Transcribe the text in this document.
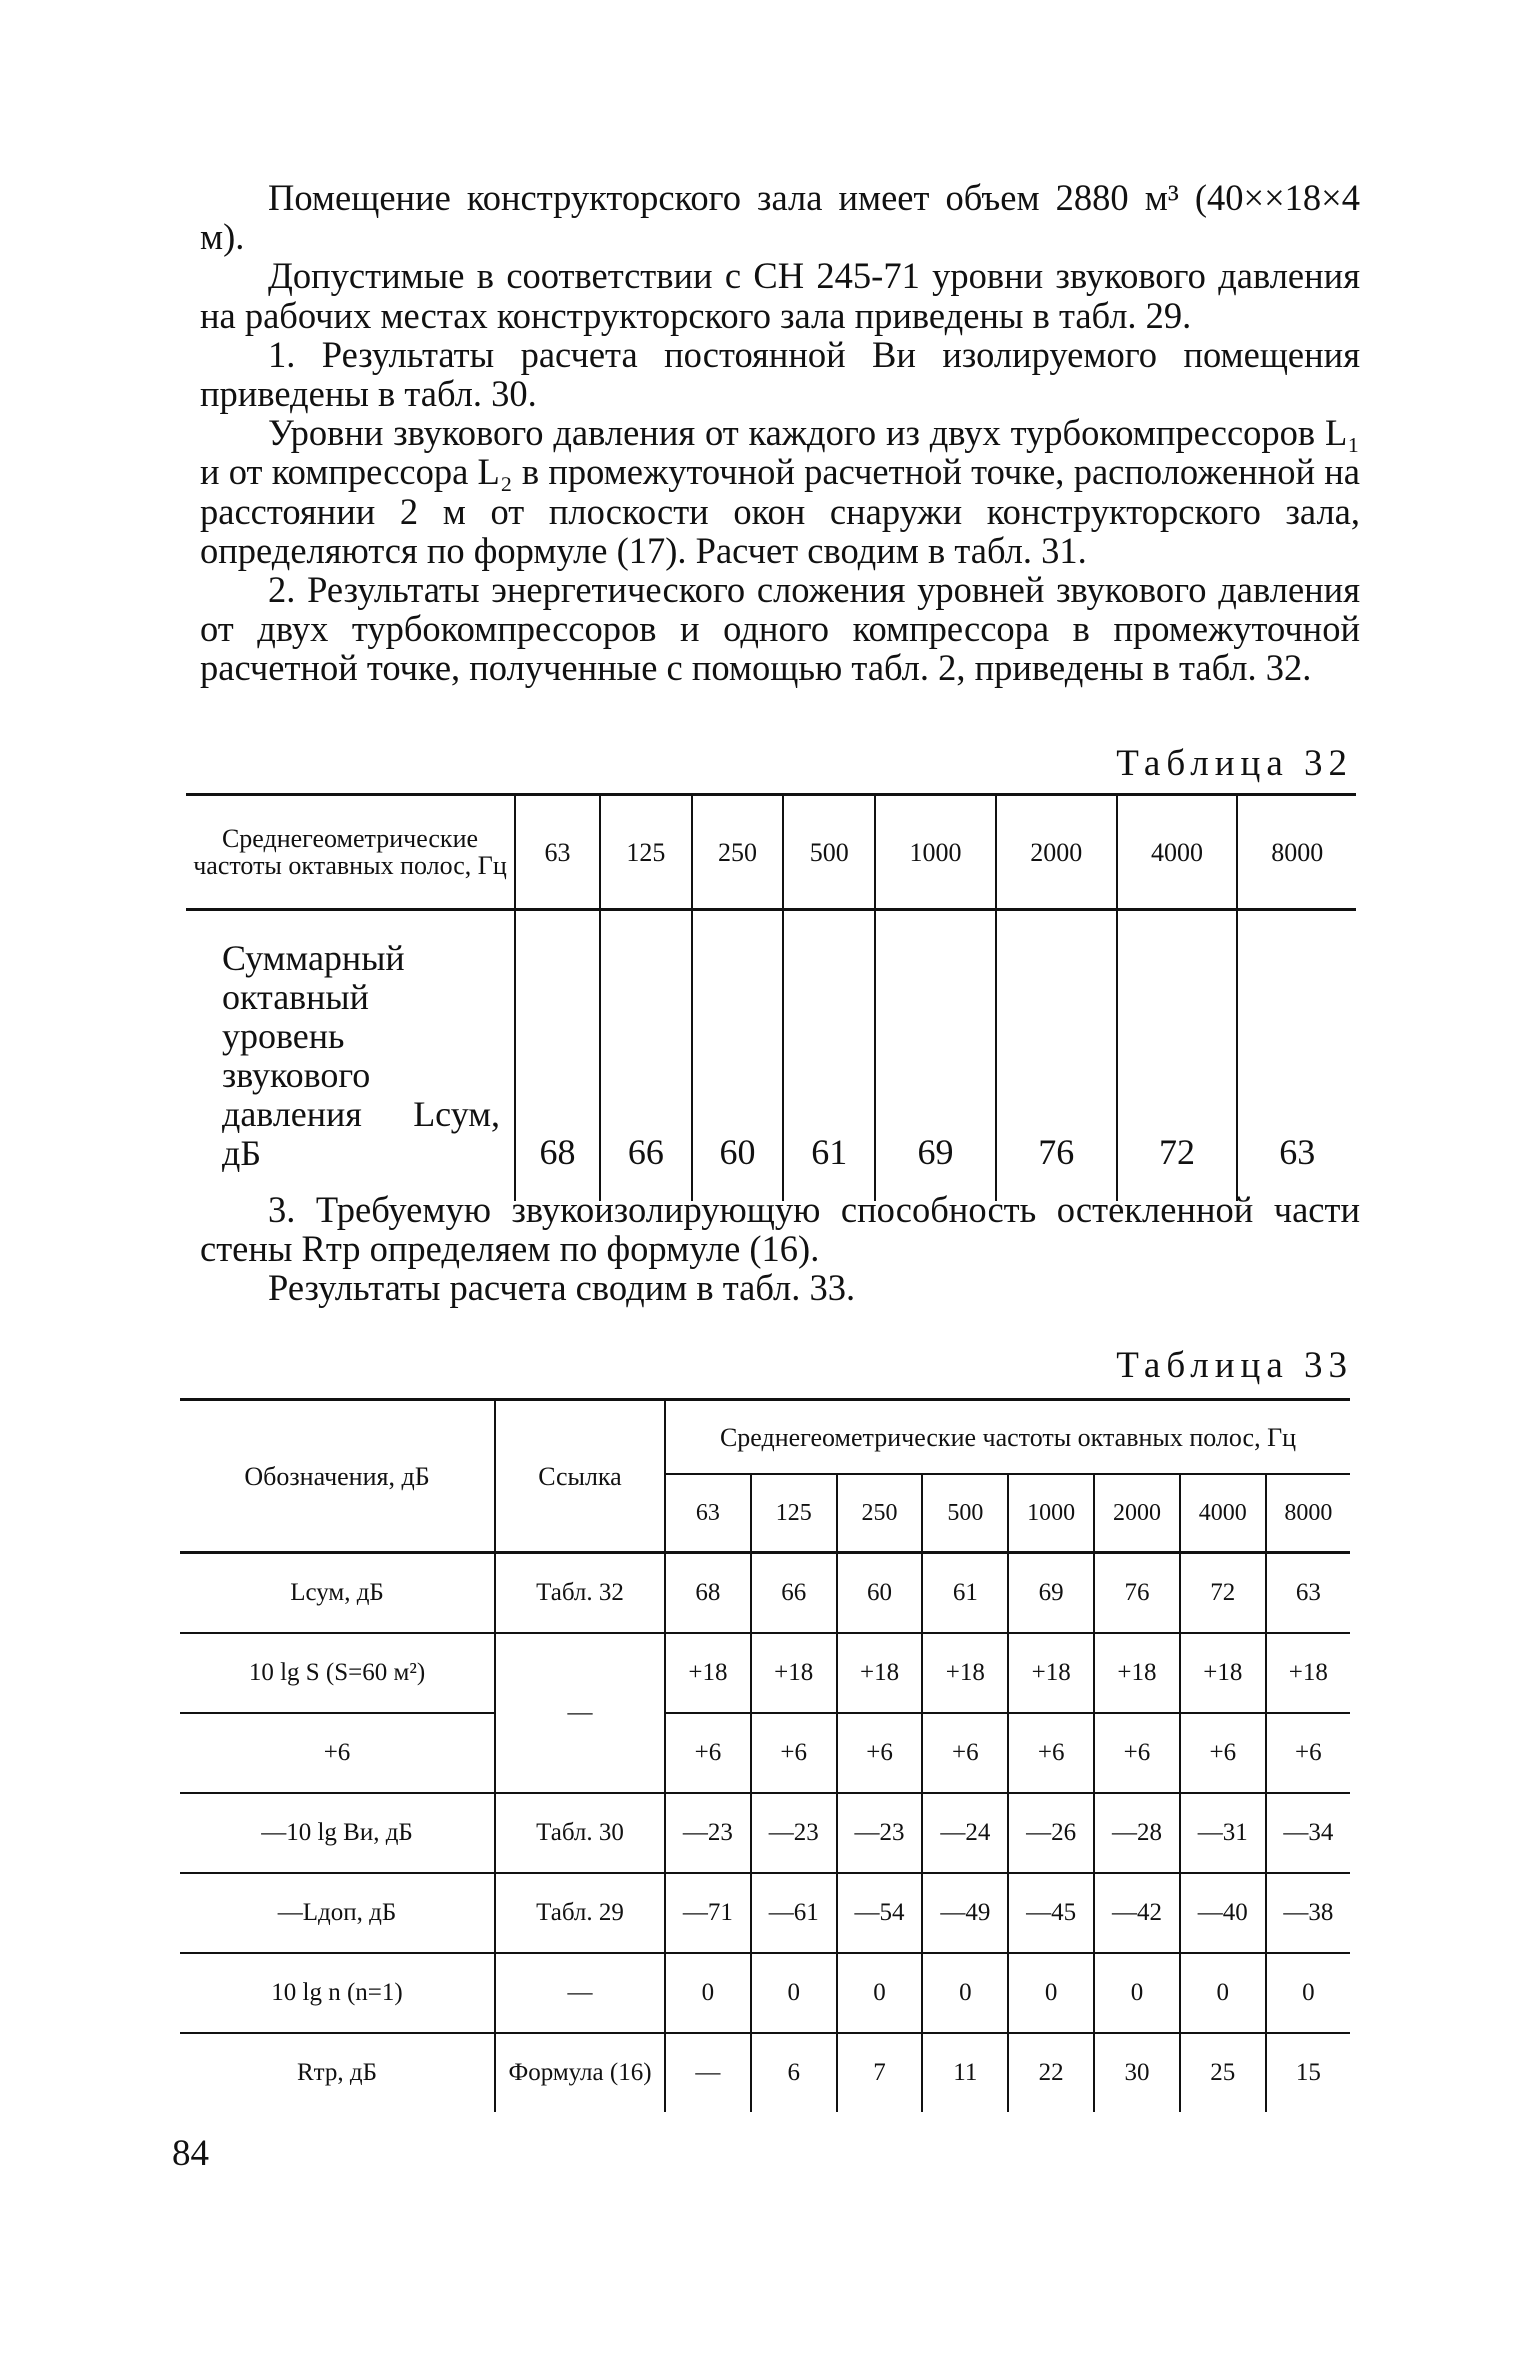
Помещение конструкторского зала имеет объем 2880 м³ (40××18×4 м).

Допустимые в соответствии с СН 245-71 уровни звукового давления на рабочих местах конструкторского зала приведены в табл. 29.

1. Результаты расчета постоянной Bи изолируемого помещения приведены в табл. 30.

Уровни звукового давления от каждого из двух турбокомпрессоров L₁ и от компрессора L₂ в промежуточной расчетной точке, расположенной на расстоянии 2 м от плоскости окон снаружи конструкторского зала, определяются по формуле (17). Расчет сводим в табл. 31.

2. Результаты энергетического сложения уровней звукового давления от двух турбокомпрессоров и одного компрессора в промежуточной расчетной точке, полученные с помощью табл. 2, приведены в табл. 32.

Таблица 32
Среднегеометрические частоты октавных полос, Гц	63	125	250	500	1000	2000	4000	8000
Суммарный октавный уровень звукового давления Lсум, дБ	68	66	60	61	69	76	72	63

3. Требуемую звукоизолирующую способность остекленной части стены Rтр определяем по формуле (16).

Результаты расчета сводим в табл. 33.

Таблица 33
Обозначения, дБ	Ссылка	Среднегеометрические частоты октавных полос, Гц							
		63	125	250	500	1000	2000	4000	8000
Lсум, дБ	Табл. 32	68	66	60	61	69	76	72	63
10 lg S (S=60 м²)	—	+18	+18	+18	+18	+18	+18	+18	+18
+6		+6	+6	+6	+6	+6	+6	+6	+6
—10 lg Bи, дБ	Табл. 30	—23	—23	—23	—24	—26	—28	—31	—34
—Lдоп, дБ	Табл. 29	—71	—61	—54	—49	—45	—42	—40	—38
10 lg n (n=1)	—	0	0	0	0	0	0	0	0
Rтр, дБ	Формула (16)	—	6	7	11	22	30	25	15
84
